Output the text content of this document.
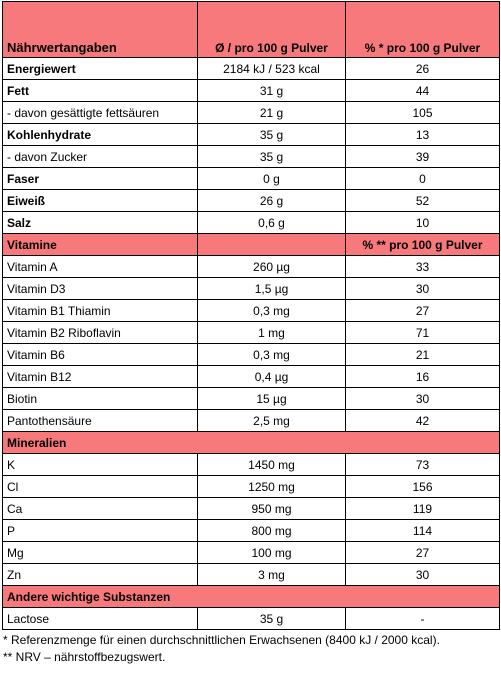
Nährwertangaben	Ø / pro 100 g Pulver	% * pro 100 g Pulver
Energiewert	2184 kJ / 523 kcal	26
Fett	31 g	44
- davon gesättigte fettsäuren	21 g	105
Kohlenhydrate	35 g	13
- davon Zucker	35 g	39
Faser	0 g	0
Eiweiß	26 g	52
Salz	0,6 g	10
Vitamine		% ** pro 100 g Pulver
Vitamin A	260 µg	33
Vitamin D3	1,5 µg	30
Vitamin B1 Thiamin	0,3 mg	27
Vitamin B2 Riboflavin	1 mg	71
Vitamin B6	0,3 mg	21
Vitamin B12	0,4 µg	16
Biotin	15 µg	30
Pantothensäure	2,5 mg	42
Mineralien		
K	1450 mg	73
Cl	1250 mg	156
Ca	950 mg	119
P	800 mg	114
Mg	100 mg	27
Zn	3 mg	30
Andere wichtige Substanzen		
Lactose	35 g	-
* Referenzmenge für einen durchschnittlichen Erwachsenen (8400 kJ / 2000 kcal).
** NRV – nährstoffbezugswert.
